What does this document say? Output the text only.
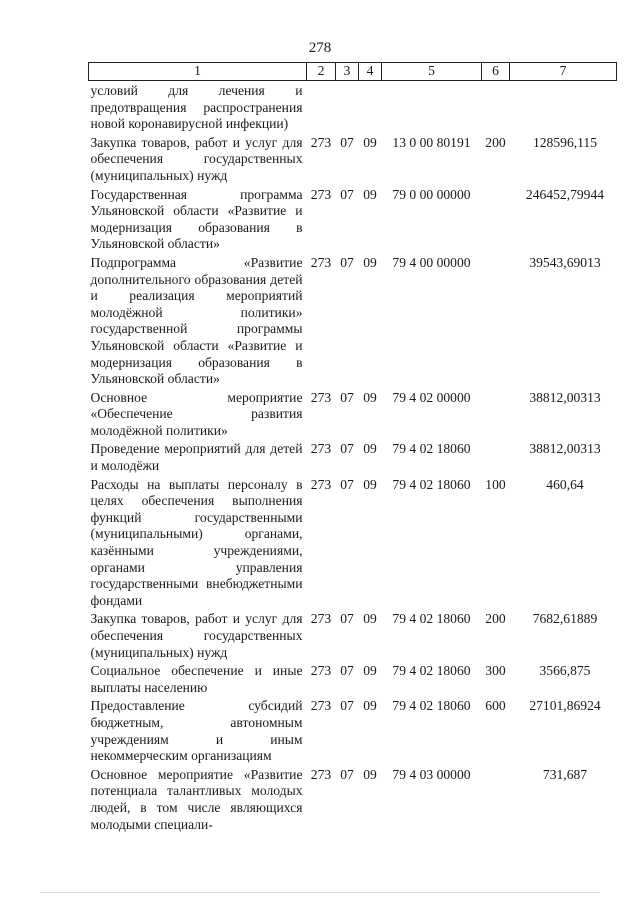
278
1	2	3	4	5	6	7
условий для лечения и предотвращения распространения новой коронавирусной инфекции)						
Закупка товаров, работ и услуг для обеспечения государственных (муниципальных) нужд	273	07	09	13 0 00 80191	200	128596,115
Государственная программа Ульяновской области «Развитие и модернизация образования в Ульяновской области»	273	07	09	79 0 00 00000		246452,79944
Подпрограмма «Развитие дополнительного образования детей и реализация мероприятий молодёжной политики» государственной программы Ульяновской области «Развитие и модернизация образования в Ульяновской области»	273	07	09	79 4 00 00000		39543,69013
Основное мероприятие «Обеспечение развития молодёжной политики»	273	07	09	79 4 02 00000		38812,00313
Проведение мероприятий для детей и молодёжи	273	07	09	79 4 02 18060		38812,00313
Расходы на выплаты персоналу в целях обеспечения выполнения функций государственными (муниципальными) органами, казёнными учреждениями, органами управления государственными внебюджетными фондами	273	07	09	79 4 02 18060	100	460,64
Закупка товаров, работ и услуг для обеспечения государственных (муниципальных) нужд	273	07	09	79 4 02 18060	200	7682,61889
Социальное обеспечение и иные выплаты населению	273	07	09	79 4 02 18060	300	3566,875
Предоставление субсидий бюджетным, автономным учреждениям и иным некоммерческим организациям	273	07	09	79 4 02 18060	600	27101,86924
Основное мероприятие «Развитие потенциала талантливых молодых людей, в том числе являющихся молодыми специали-	273	07	09	79 4 03 00000		731,687
